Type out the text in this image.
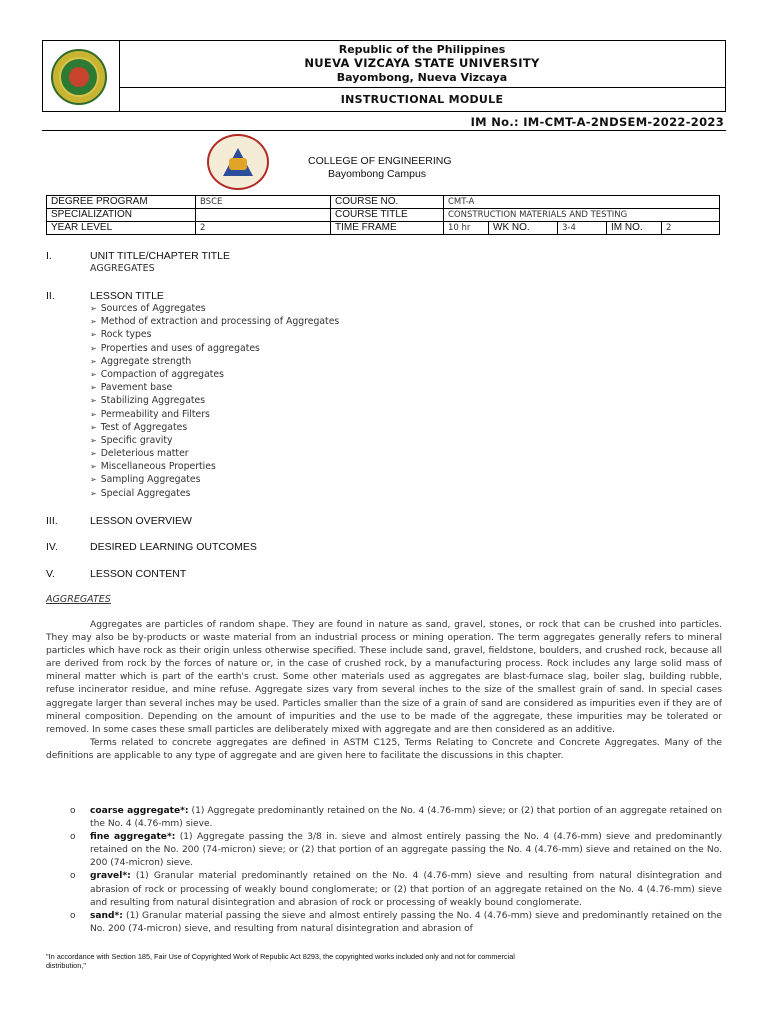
Republic of the Philippines
NUEVA VIZCAYA STATE UNIVERSITY
Bayombong, Nueva Vizcaya
INSTRUCTIONAL MODULE
IM No.: IM-CMT-A-2NDSEM-2022-2023
COLLEGE OF ENGINEERING
Bayombong Campus
DEGREE PROGRAM	BSCE	COURSE NO.	CMT-A				
SPECIALIZATION		COURSE TITLE	CONSTRUCTION MATERIALS AND TESTING				
YEAR LEVEL	2	TIME FRAME	10 hr	WK NO.	3-4	IM NO.	2
I.	UNIT TITLE/CHAPTER TITLE
AGGREGATES
II.	LESSON TITLE
➢ Sources of Aggregates
➢ Method of extraction and processing of Aggregates
➢ Rock types
➢ Properties and uses of aggregates
➢ Aggregate strength
➢ Compaction of aggregates
➢ Pavement base
➢ Stabilizing Aggregates
➢ Permeability and Filters
➢ Test of Aggregates
➢ Specific gravity
➢ Deleterious matter
➢ Miscellaneous Properties
➢ Sampling Aggregates
➢ Special Aggregates
III.	LESSON OVERVIEW
IV.	DESIRED LEARNING OUTCOMES
V.	LESSON CONTENT
AGGREGATES

Aggregates are particles of random shape. They are found in nature as sand, gravel, stones, or rock that can be crushed into particles. They may also be by-products or waste material from an industrial process or mining operation. The term aggregates generally refers to mineral particles which have rock as their origin unless otherwise specified. These include sand, gravel, fieldstone, boulders, and crushed rock, because all are derived from rock by the forces of nature or, in the case of crushed rock, by a manufacturing process. Rock includes any large solid mass of mineral matter which is part of the earth's crust. Some other materials used as aggregates are blast-furnace slag, boiler slag, building rubble, refuse incinerator residue, and mine refuse. Aggregate sizes vary from several inches to the size of the smallest grain of sand. In special cases aggregate larger than several inches may be used. Particles smaller than the size of a grain of sand are considered as impurities even if they are of mineral composition. Depending on the amount of impurities and the use to be made of the aggregate, these impurities may be tolerated or removed. In some cases these small particles are deliberately mixed with aggregate and are then considered as an additive.

Terms related to concrete aggregates are defined in ASTM C125, Terms Relating to Concrete and Concrete Aggregates. Many of the definitions are applicable to any type of aggregate and are given here to facilitate the discussions in this chapter.

o coarse aggregate*: (1) Aggregate predominantly retained on the No. 4 (4.76-mm) sieve; or (2) that portion of an aggregate retained on the No. 4 (4.76-mm) sieve.
o fine aggregate*: (1) Aggregate passing the 3/8 in. sieve and almost entirely passing the No. 4 (4.76-mm) sieve and predominantly retained on the No. 200 (74-micron) sieve; or (2) that portion of an aggregate passing the No. 4 (4.76-mm) sieve and retained on the No. 200 (74-micron) sieve.
o gravel*: (1) Granular material predominantly retained on the No. 4 (4.76-mm) sieve and resulting from natural disintegration and abrasion of rock or processing of weakly bound conglomerate; or (2) that portion of an aggregate retained on the No. 4 (4.76-mm) sieve and resulting from natural disintegration and abrasion of rock or processing of weakly bound conglomerate.
o sand*: (1) Granular material passing the sieve and almost entirely passing the No. 4 (4.76-mm) sieve and predominantly retained on the No. 200 (74-micron) sieve, and resulting from natural disintegration and abrasion of
"In accordance with Section 185, Fair Use of Copyrighted Work of Republic Act 8293, the copyrighted works included only and not for commercial distribution,"
